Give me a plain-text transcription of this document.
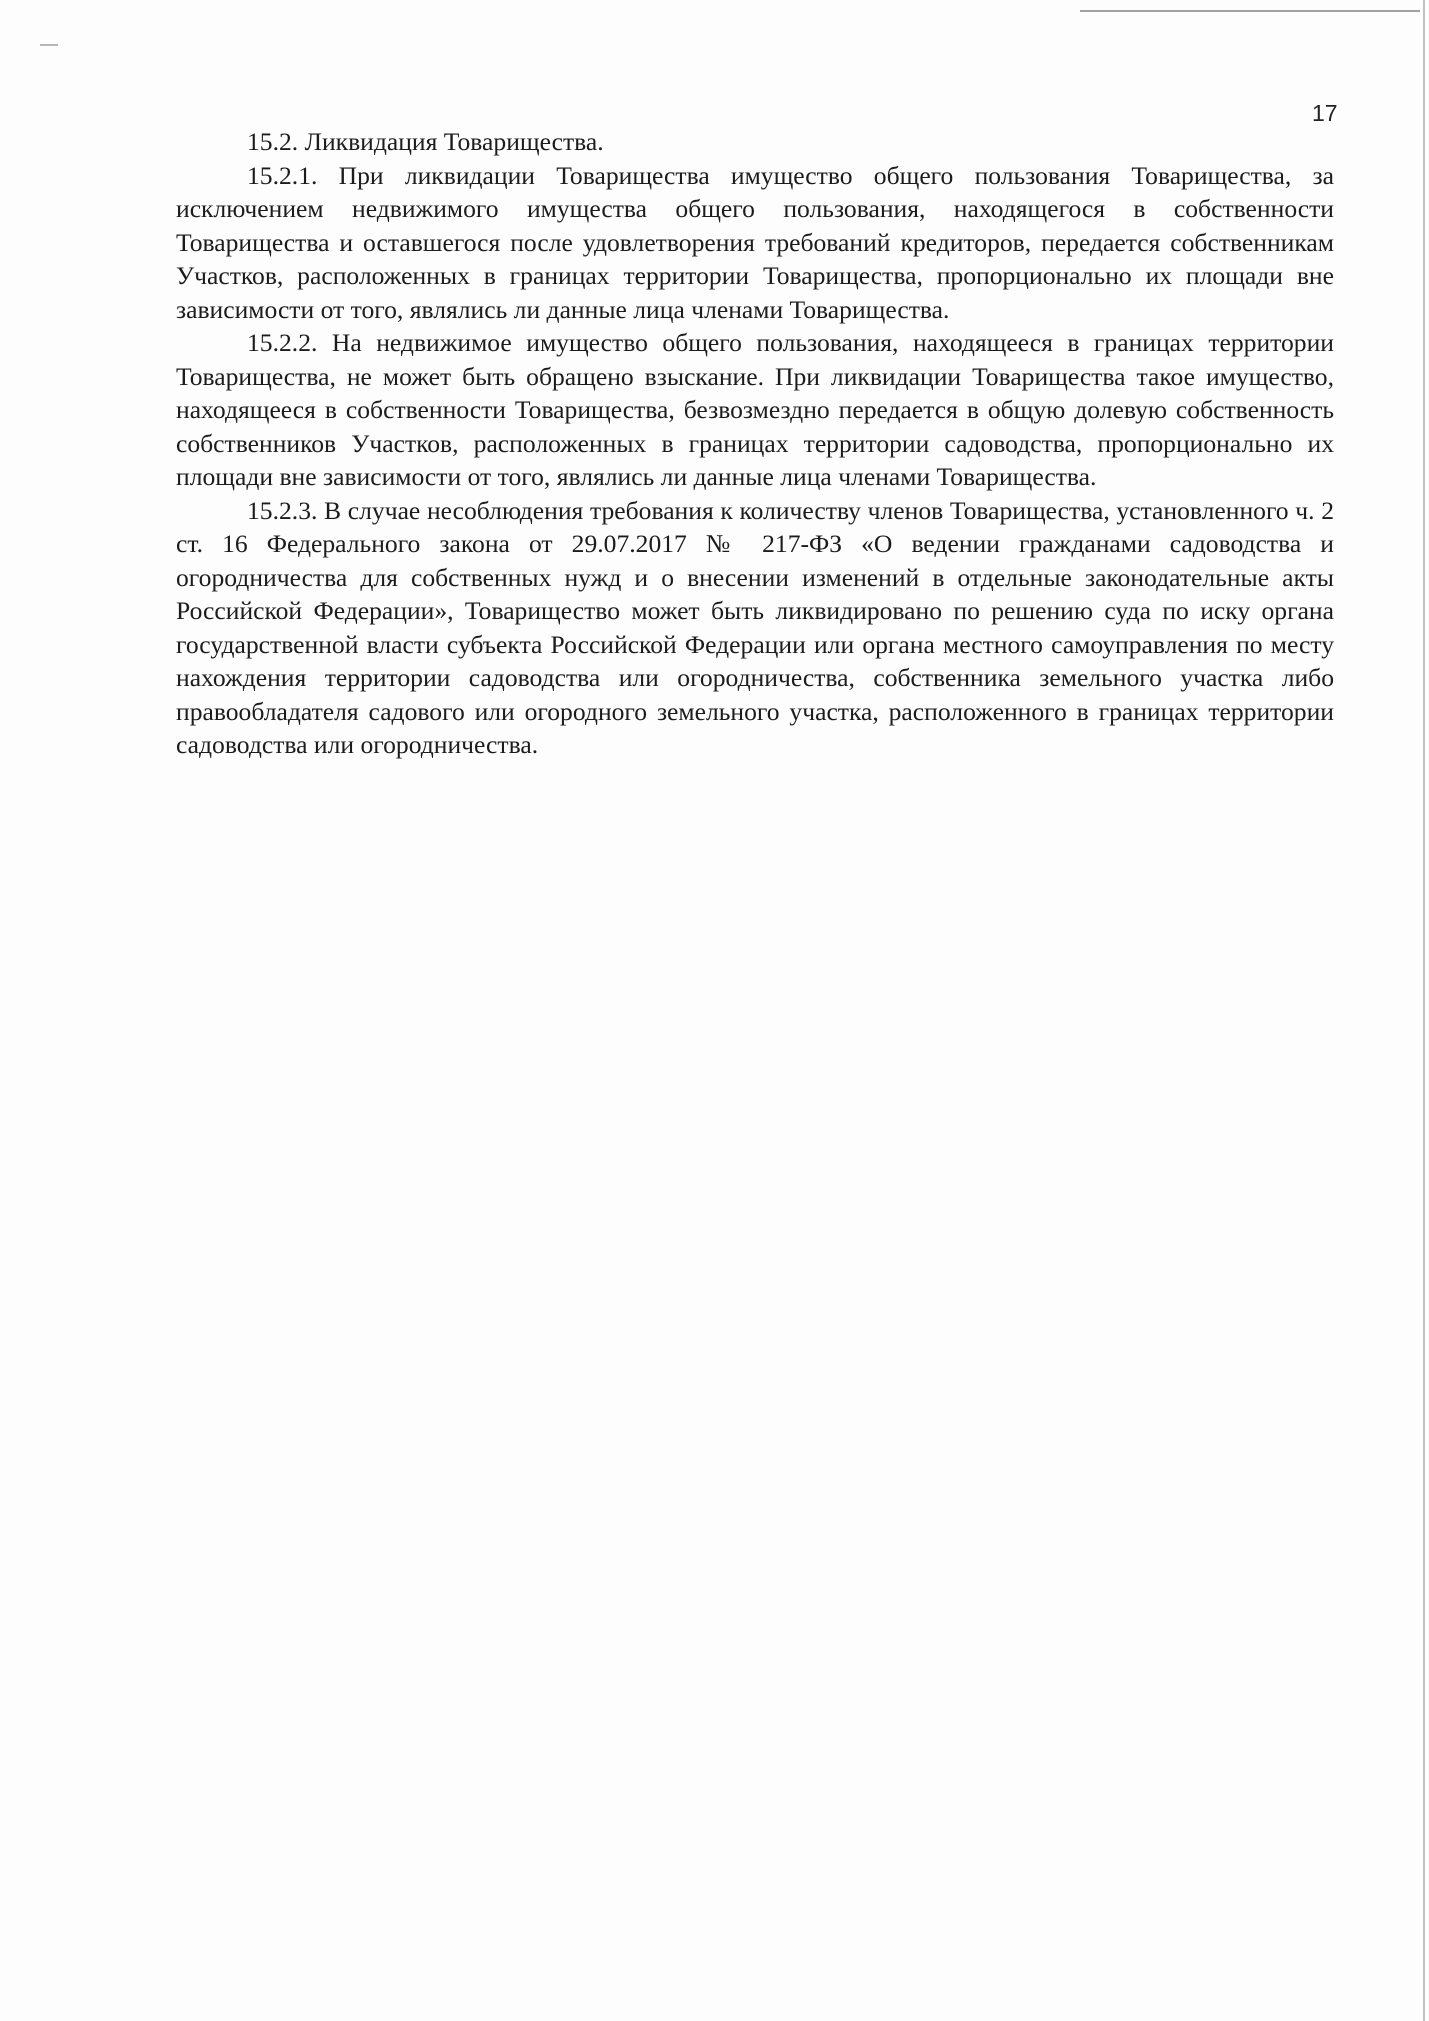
17

15.2. Ликвидация Товарищества.

15.2.1. При ликвидации Товарищества имущество общего пользования Товарищества, за исключением недвижимого имущества общего пользования, находящегося в собственности Товарищества и оставшегося после удовлетворения требований кредиторов, передается собственникам Участков, расположенных в границах территории Товарищества, пропорционально их площади вне зависимости от того, являлись ли данные лица членами Товарищества.

15.2.2. На недвижимое имущество общего пользования, находящееся в границах территории Товарищества, не может быть обращено взыскание. При ликвидации Товарищества такое имущество, находящееся в собственности Товарищества, безвозмездно передается в общую долевую собственность собственников Участков, расположенных в границах территории садоводства, пропорционально их площади вне зависимости от того, являлись ли данные лица членами Товарищества.

15.2.3. В случае несоблюдения требования к количеству членов Товарищества, установленного ч. 2 ст. 16 Федерального закона от 29.07.2017 № 217-ФЗ «О ведении гражданами садоводства и огородничества для собственных нужд и о внесении изменений в отдельные законодательные акты Российской Федерации», Товарищество может быть ликвидировано по решению суда по иску органа государственной власти субъекта Российской Федерации или органа местного самоуправления по месту нахождения территории садоводства или огородничества, собственника земельного участка либо правообладателя садового или огородного земельного участка, расположенного в границах территории садоводства или огородничества.
